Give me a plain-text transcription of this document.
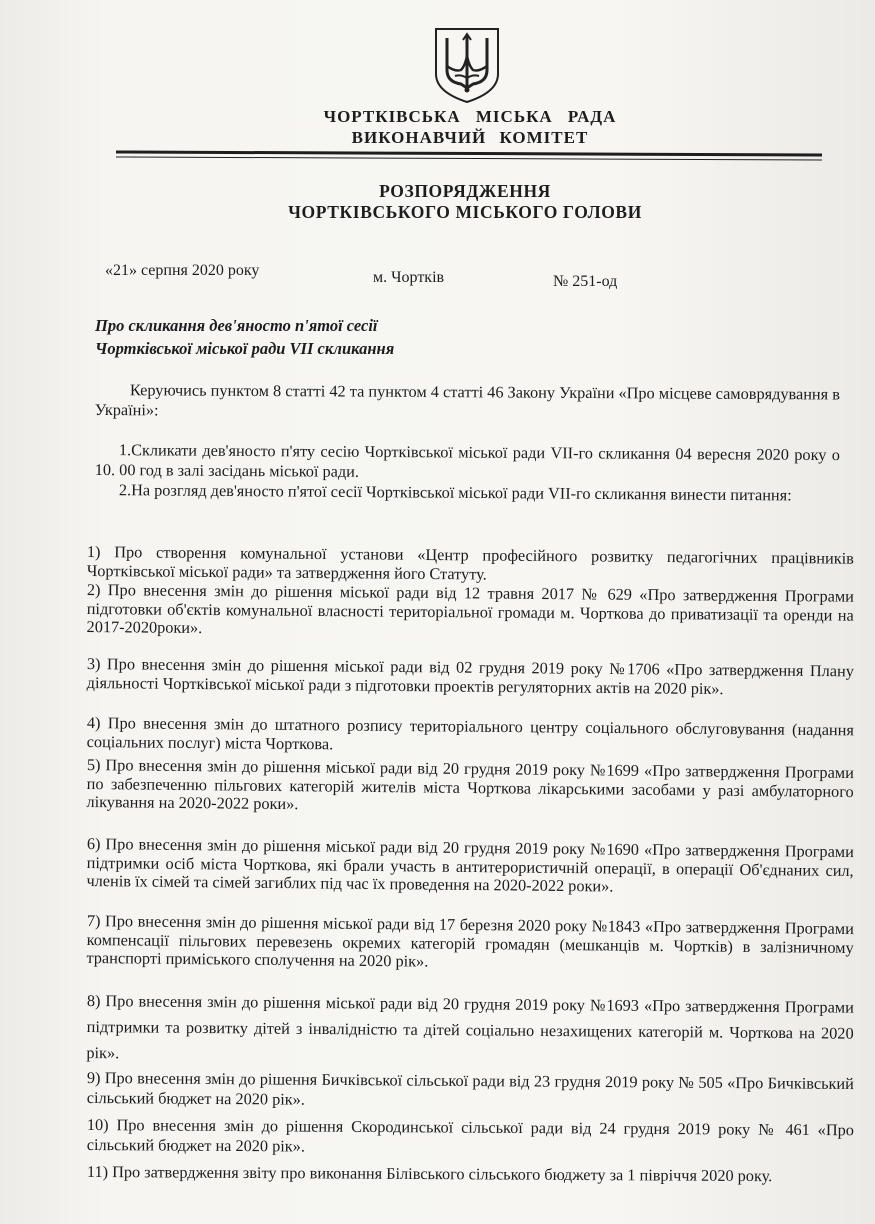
ЧОРТКІВСЬКА МІСЬКА РАДА
ВИКОНАВЧИЙ КОМІТЕТ
РОЗПОРЯДЖЕННЯ
ЧОРТКІВСЬКОГО МІСЬКОГО ГОЛОВИ
«21» серпня 2020 року	м. Чортків	№ 251-од
Про скликання дев'яносто п'ятої сесії
Чортківської міської ради VII скликання
Керуючись пунктом 8 статті 42 та пунктом 4 статті 46 Закону України «Про місцеве самоврядування в Україні»:
1.Скликати дев'яносто п'яту сесію Чортківської міської ради VII-го скликання 04 вересня 2020 року о 10. 00 год в залі засідань міської ради.
2.На розгляд дев'яносто п'ятої сесії Чортківської міської ради VII-го скликання винести питання:
1) Про створення комунальної установи «Центр професійного розвитку педагогічних працівників Чортківської міської ради» та затвердження його Статуту.
2) Про внесення змін до рішення міської ради від 12 травня 2017 № 629 «Про затвердження Програми підготовки об'єктів комунальної власності територіальної громади м. Чорткова до приватизації та оренди на 2017-2020роки».
3) Про внесення змін до рішення міської ради від 02 грудня 2019 року №1706 «Про затвердження Плану діяльності Чортківської міської ради з підготовки проектів регуляторних актів на 2020 рік».
4) Про внесення змін до штатного розпису територіального центру соціального обслуговування (надання соціальних послуг) міста Чорткова.
5) Про внесення змін до рішення міської ради від 20 грудня 2019 року №1699 «Про затвердження Програми по забезпеченню пільгових категорій жителів міста Чорткова лікарськими засобами у разі амбулаторного лікування на 2020-2022 роки».
6) Про внесення змін до рішення міської ради від 20 грудня 2019 року №1690 «Про затвердження Програми підтримки осіб міста Чорткова, які брали участь в антитерористичній операції, в операції Об'єднаних сил, членів їх сімей та сімей загиблих під час їх проведення на 2020-2022 роки».
7) Про внесення змін до рішення міської ради від 17 березня 2020 року №1843 «Про затвердження Програми компенсації пільгових перевезень окремих категорій громадян (мешканців м. Чортків) в залізничному транспорті приміського сполучення на 2020 рік».
8) Про внесення змін до рішення міської ради від 20 грудня 2019 року №1693 «Про затвердження Програми підтримки та розвитку дітей з інвалідністю та дітей соціально незахищених категорій м. Чорткова на 2020 рік».
9) Про внесення змін до рішення Бичківської сільської ради від 23 грудня 2019 року № 505 «Про Бичківський сільський бюджет на 2020 рік».
10) Про внесення змін до рішення Скородинської сільської ради від 24 грудня 2019 року № 461 «Про сільський бюджет на 2020 рік».
11) Про затвердження звіту про виконання Білівського сільського бюджету за 1 півріччя 2020 року.
